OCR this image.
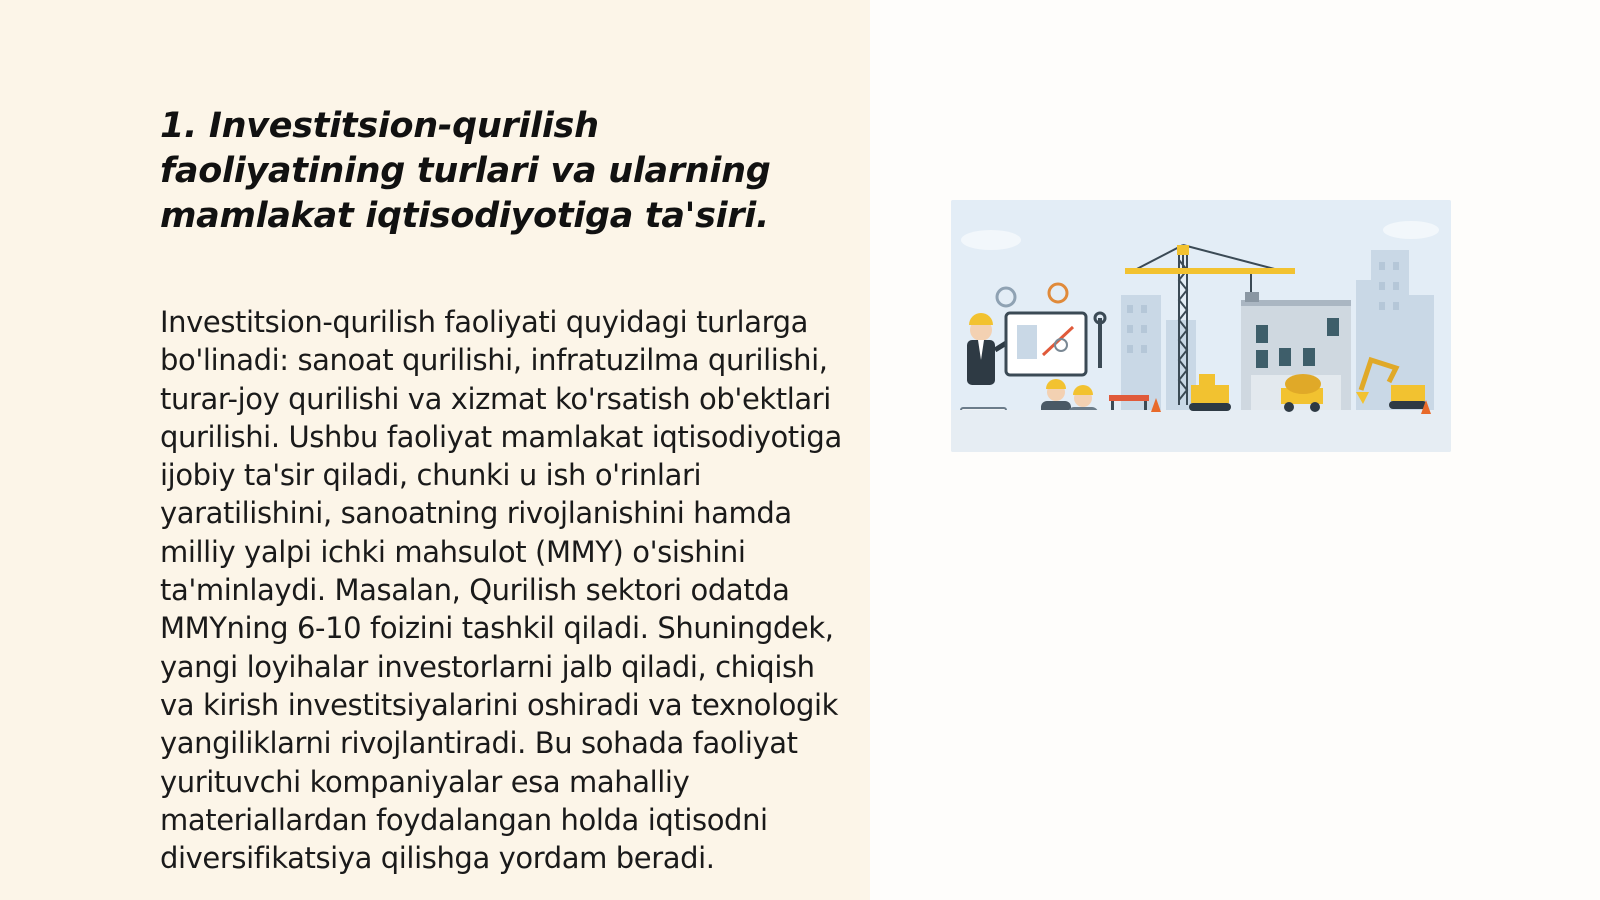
1. Investitsion-qurilish faoliyatining turlari va ularning mamlakat iqtisodiyotiga ta'siri.

Investitsion-qurilish faoliyati quyidagi turlarga bo'linadi: sanoat qurilishi, infratuzilma qurilishi, turar-joy qurilishi va xizmat ko'rsatish ob'ektlari qurilishi. Ushbu faoliyat mamlakat iqtisodiyotiga ijobiy ta'sir qiladi, chunki u ish o'rinlari yaratilishini, sanoatning rivojlanishini hamda milliy yalpi ichki mahsulot (MMY) o'sishini ta'minlaydi. Masalan, Qurilish sektori odatda MMYning 6-10 foizini tashkil qiladi. Shuningdek, yangi loyihalar investorlarni jalb qiladi, chiqish va kirish investitsiyalarini oshiradi va texnologik yangiliklarni rivojlantiradi. Bu sohada faoliyat yurituvchi kompaniyalar esa mahalliy materiallardan foydalangan holda iqtisodni diversifikatsiya qilishga yordam beradi.
